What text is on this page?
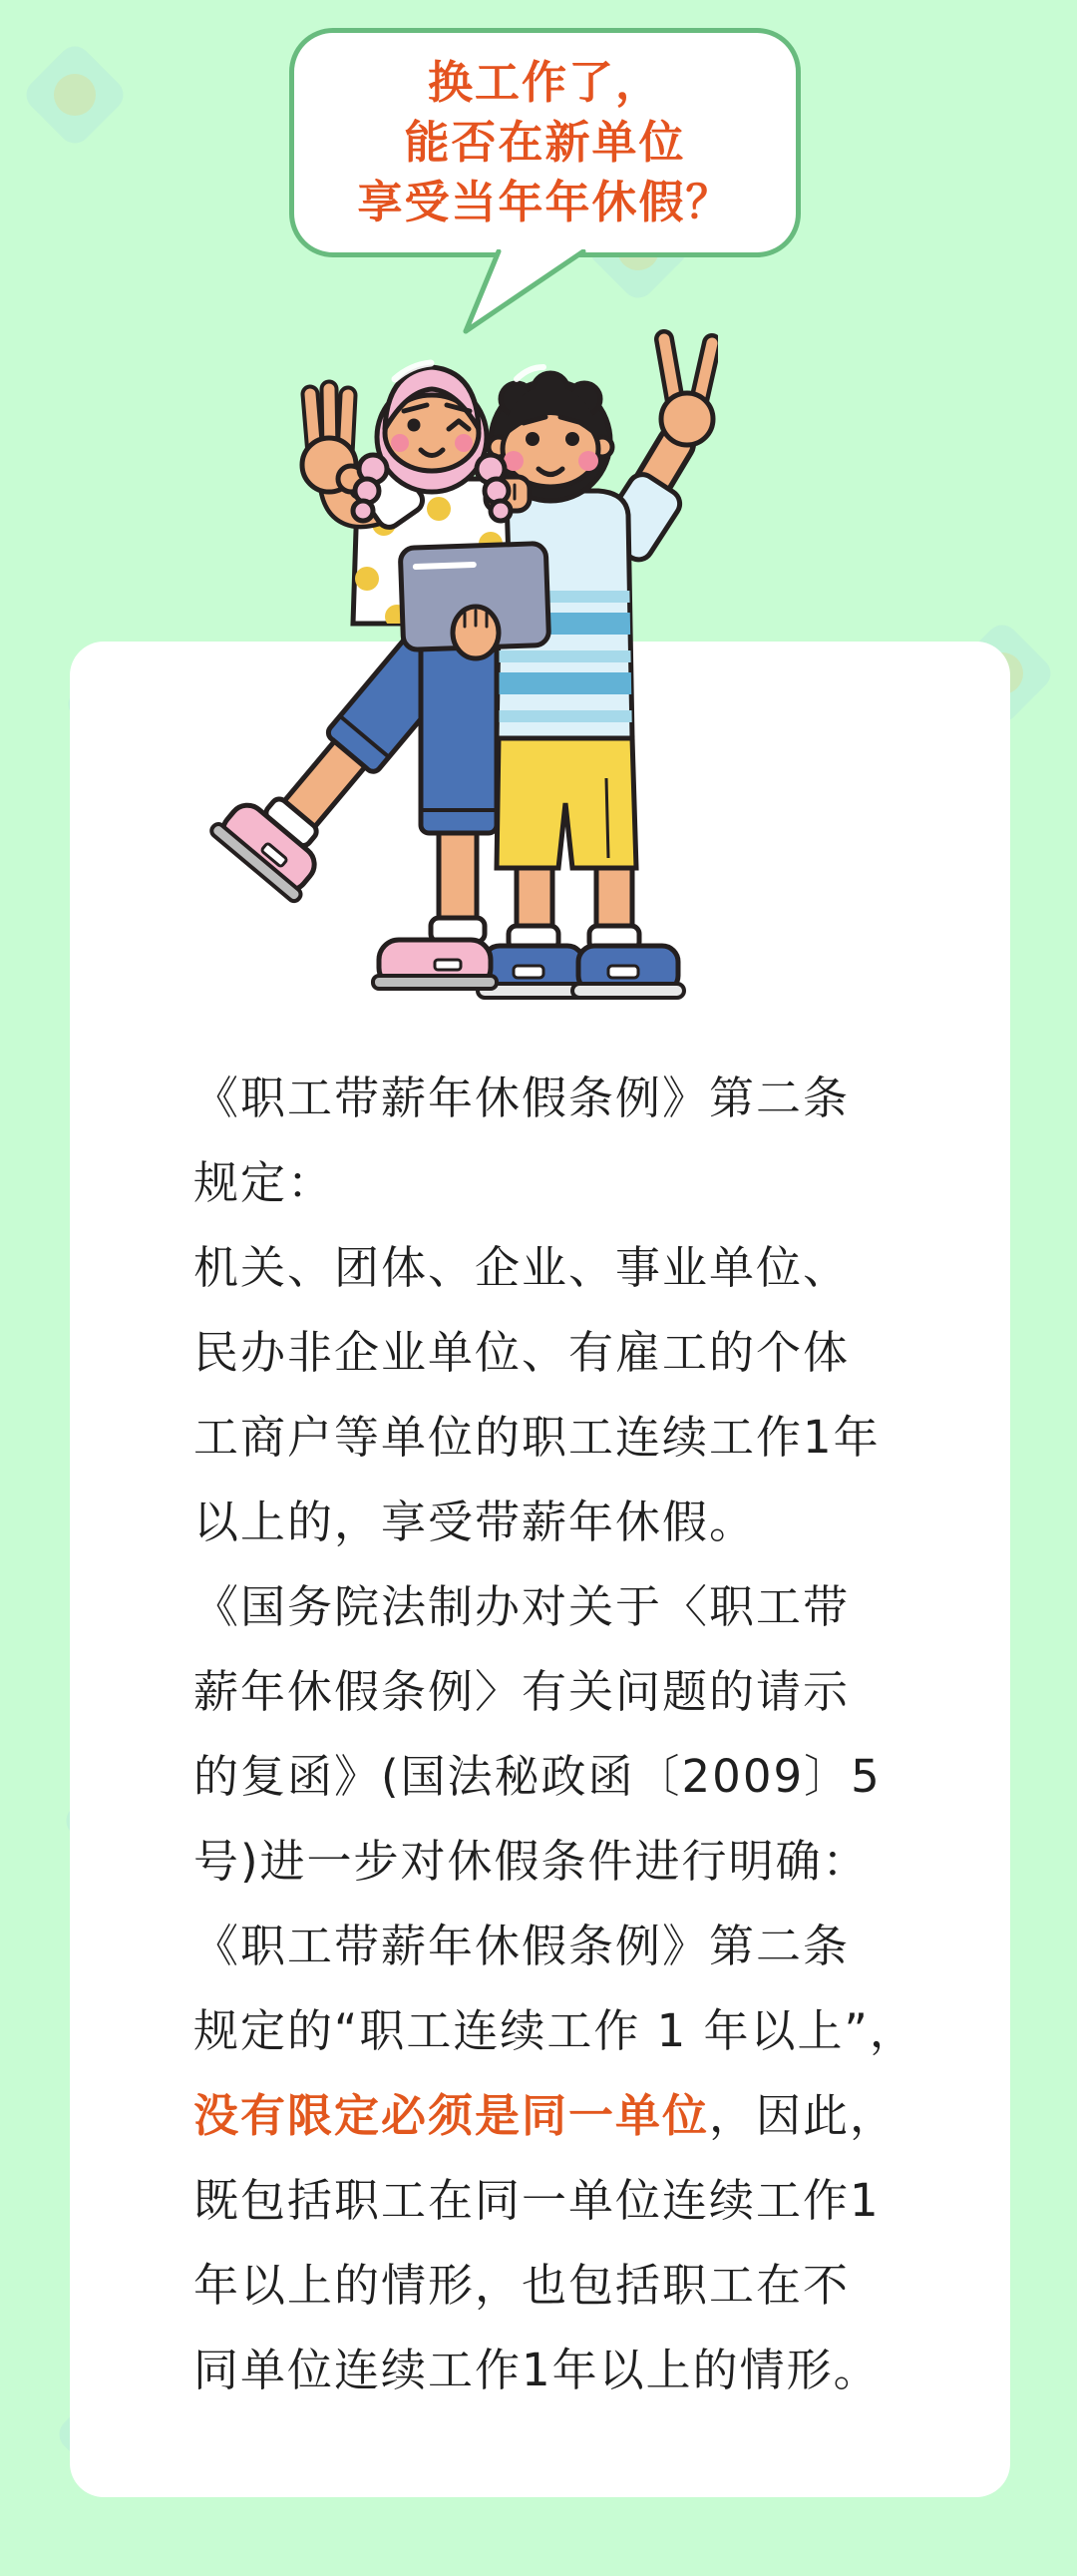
《职工带薪年休假条例》第二条
规定：
机关、团体、企业、事业单位、
民办非企业单位、有雇工的个体
工商户等单位的职工连续工作1年
以上的，享受带薪年休假。
《国务院法制办对关于〈职工带
薪年休假条例〉有关问题的请示
的复函》(国法秘政函〔2009〕5
号)进一步对休假条件进行明确：
《职工带薪年休假条例》第二条
规定的“职工连续工作 1 年以上”，
没有限定必须是同一单位，因此，
既包括职工在同一单位连续工作1
年以上的情形，也包括职工在不
同单位连续工作1年以上的情形。
换工作了，
能否在新单位
享受当年年休假？
